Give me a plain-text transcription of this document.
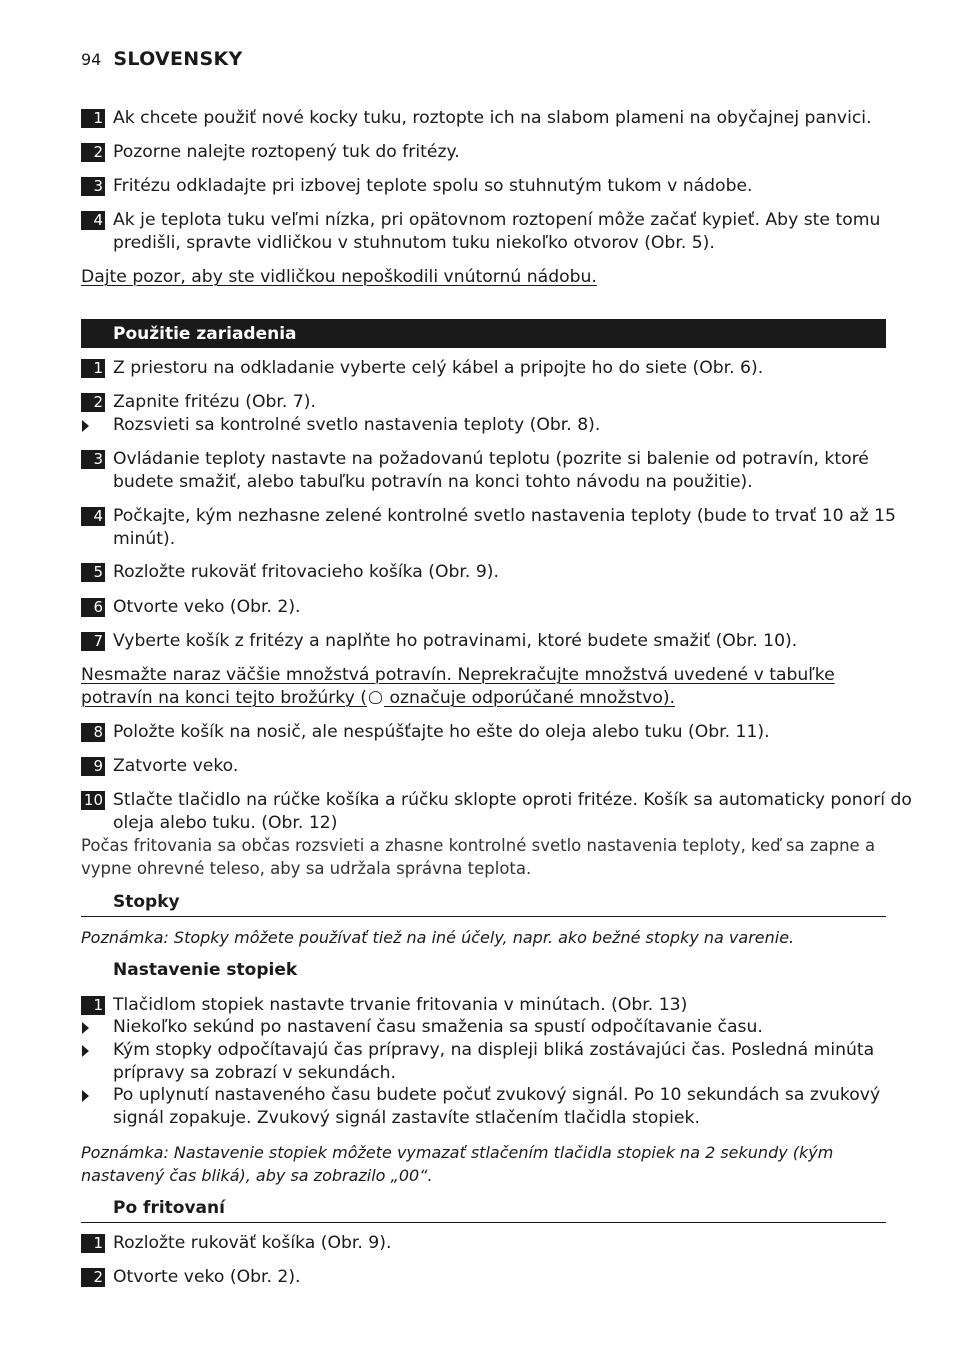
94 SLOVENSKY
1 Ak chcete použiť nové kocky tuku, roztopte ich na slabom plameni na obyčajnej panvici.
2 Pozorne nalejte roztopený tuk do fritézy.
3 Fritézu odkladajte pri izbovej teplote spolu so stuhnutým tukom v nádobe.
4 Ak je teplota tuku veľmi nízka, pri opätovnom roztopení môže začať kypieť. Aby ste tomu predišli, spravte vidličkou v stuhnutom tuku niekoľko otvorov (Obr. 5).
Dajte pozor, aby ste vidličkou nepoškodili vnútornú nádobu.
Použitie zariadenia
1 Z priestoru na odkladanie vyberte celý kábel a pripojte ho do siete (Obr. 6).
2 Zapnite fritézu (Obr. 7).
Rozsvieti sa kontrolné svetlo nastavenia teploty (Obr. 8).
3 Ovládanie teploty nastavte na požadovanú teplotu (pozrite si balenie od potravín, ktoré budete smažiť, alebo tabuľku potravín na konci tohto návodu na použitie).
4 Počkajte, kým nezhasne zelené kontrolné svetlo nastavenia teploty (bude to trvať 10 až 15 minút).
5 Rozložte rukoväť fritovacieho košíka (Obr. 9).
6 Otvorte veko (Obr. 2).
7 Vyberte košík z fritézy a naplňte ho potravinami, ktoré budete smažiť (Obr. 10).
Nesmažte naraz väčšie množstvá potravín. Neprekračujte množstvá uvedené v tabuľke potravín na konci tejto brožúrky ( označuje odporúčané množstvo).
8 Položte košík na nosič, ale nespúšťajte ho ešte do oleja alebo tuku (Obr. 11).
9 Zatvorte veko.
10 Stlačte tlačidlo na rúčke košíka a rúčku sklopte oproti fritéze. Košík sa automaticky ponorí do oleja alebo tuku. (Obr. 12)
Počas fritovania sa občas rozsvieti a zhasne kontrolné svetlo nastavenia teploty, keď sa zapne a vypne ohrevné teleso, aby sa udržala správna teplota.
Stopky
Poznámka: Stopky môžete používať tiež na iné účely, napr. ako bežné stopky na varenie.
Nastavenie stopiek
1 Tlačidlom stopiek nastavte trvanie fritovania v minútach. (Obr. 13)
Niekoľko sekúnd po nastavení času smaženia sa spustí odpočítavanie času.
Kým stopky odpočítavajú čas prípravy, na displeji bliká zostávajúci čas. Posledná minúta prípravy sa zobrazí v sekundách.
Po uplynutí nastaveného času budete počuť zvukový signál. Po 10 sekundách sa zvukový signál zopakuje. Zvukový signál zastavíte stlačením tlačidla stopiek.
Poznámka: Nastavenie stopiek môžete vymazať stlačením tlačidla stopiek na 2 sekundy (kým nastavený čas bliká), aby sa zobrazilo „00“.
Po fritovaní
1 Rozložte rukoväť košíka (Obr. 9).
2 Otvorte veko (Obr. 2).
